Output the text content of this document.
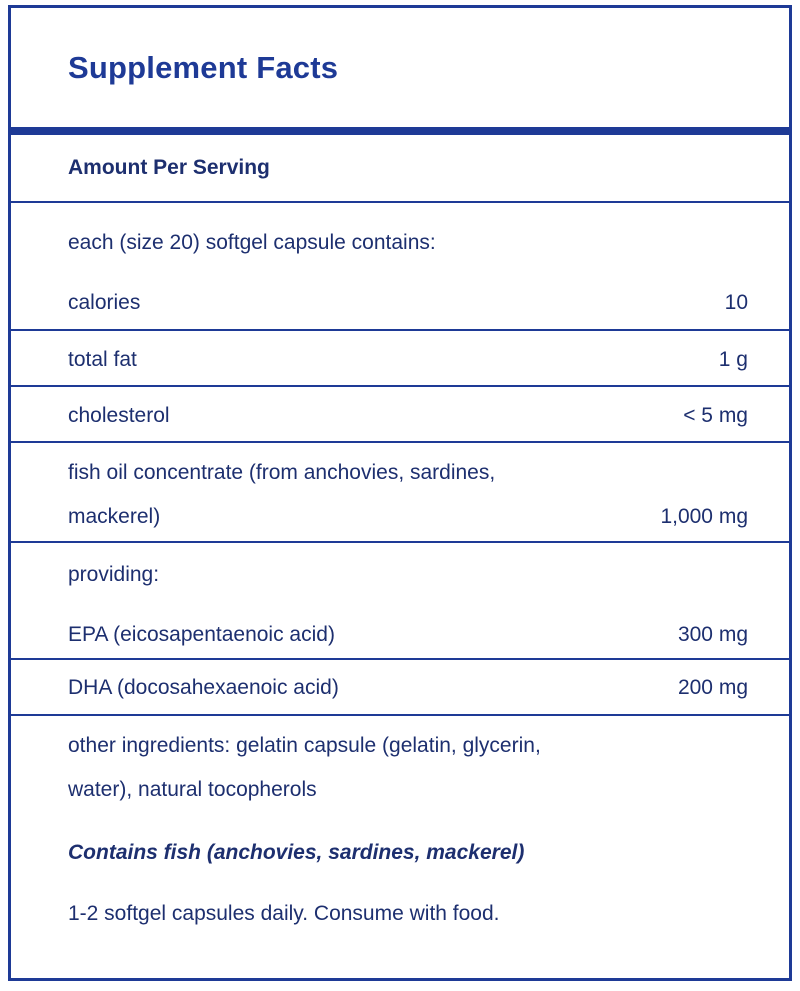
Supplement Facts
Amount Per Serving
each (size 20) softgel capsule contains:
calories	10
total fat	1 g
cholesterol	< 5 mg
fish oil concentrate (from anchovies, sardines,
mackerel)	1,000 mg
providing:
EPA (eicosapentaenoic acid)	300 mg
DHA (docosahexaenoic acid)	200 mg
other ingredients: gelatin capsule (gelatin, glycerin,
water), natural tocopherols
Contains fish (anchovies, sardines, mackerel)
1-2 softgel capsules daily. Consume with food.
